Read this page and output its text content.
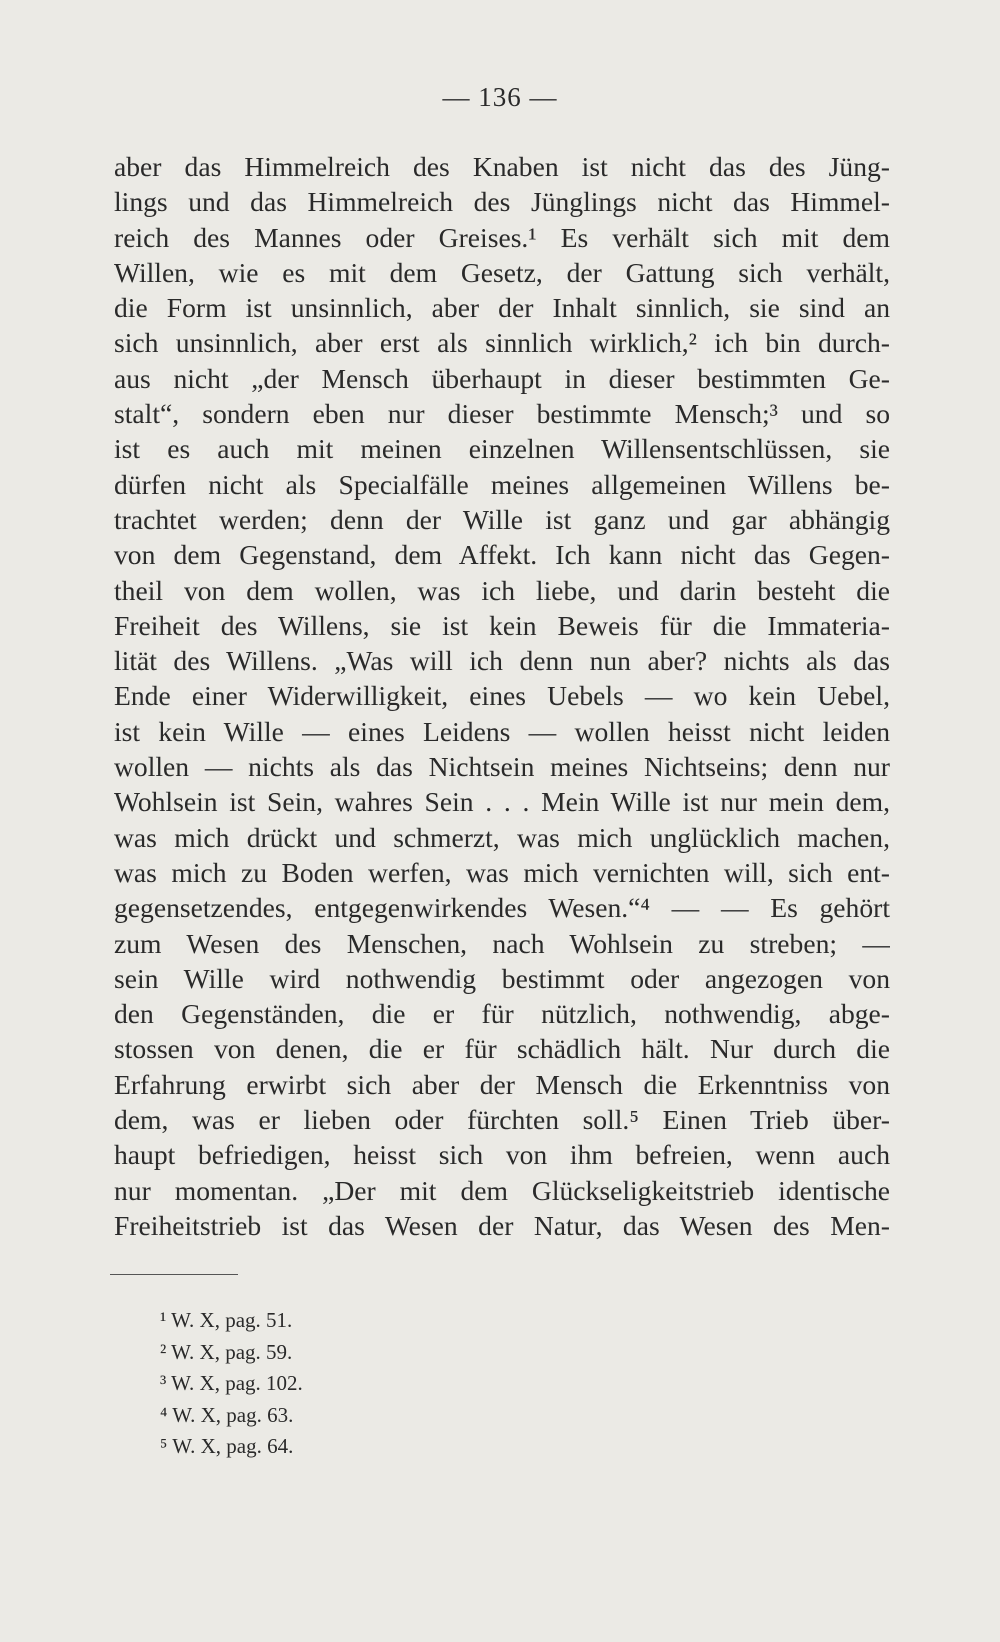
— 136 —
aber das Himmelreich des Knaben ist nicht das des Jüng-
lings und das Himmelreich des Jünglings nicht das Himmel-
reich des Mannes oder Greises.¹ Es verhält sich mit dem
Willen, wie es mit dem Gesetz, der Gattung sich verhält,
die Form ist unsinnlich, aber der Inhalt sinnlich, sie sind an
sich unsinnlich, aber erst als sinnlich wirklich,² ich bin durch-
aus nicht „der Mensch überhaupt in dieser bestimmten Ge-
stalt“, sondern eben nur dieser bestimmte Mensch;³ und so
ist es auch mit meinen einzelnen Willensentschlüssen, sie
dürfen nicht als Specialfälle meines allgemeinen Willens be-
trachtet werden; denn der Wille ist ganz und gar abhängig
von dem Gegenstand, dem Affekt. Ich kann nicht das Gegen-
theil von dem wollen, was ich liebe, und darin besteht die
Freiheit des Willens, sie ist kein Beweis für die Immateria-
lität des Willens. „Was will ich denn nun aber? nichts als das
Ende einer Widerwilligkeit, eines Uebels — wo kein Uebel,
ist kein Wille — eines Leidens — wollen heisst nicht leiden
wollen — nichts als das Nichtsein meines Nichtseins; denn nur
Wohlsein ist Sein, wahres Sein . . . Mein Wille ist nur mein dem,
was mich drückt und schmerzt, was mich unglücklich machen,
was mich zu Boden werfen, was mich vernichten will, sich ent-
gegensetzendes, entgegenwirkendes Wesen.“⁴ — — Es gehört
zum Wesen des Menschen, nach Wohlsein zu streben; —
sein Wille wird nothwendig bestimmt oder angezogen von
den Gegenständen, die er für nützlich, nothwendig, abge-
stossen von denen, die er für schädlich hält. Nur durch die
Erfahrung erwirbt sich aber der Mensch die Erkenntniss von
dem, was er lieben oder fürchten soll.⁵ Einen Trieb über-
haupt befriedigen, heisst sich von ihm befreien, wenn auch
nur momentan. „Der mit dem Glückseligkeitstrieb identische
Freiheitstrieb ist das Wesen der Natur, das Wesen des Men-
¹ W. X, pag. 51.
² W. X, pag. 59.
³ W. X, pag. 102.
⁴ W. X, pag. 63.
⁵ W. X, pag. 64.
